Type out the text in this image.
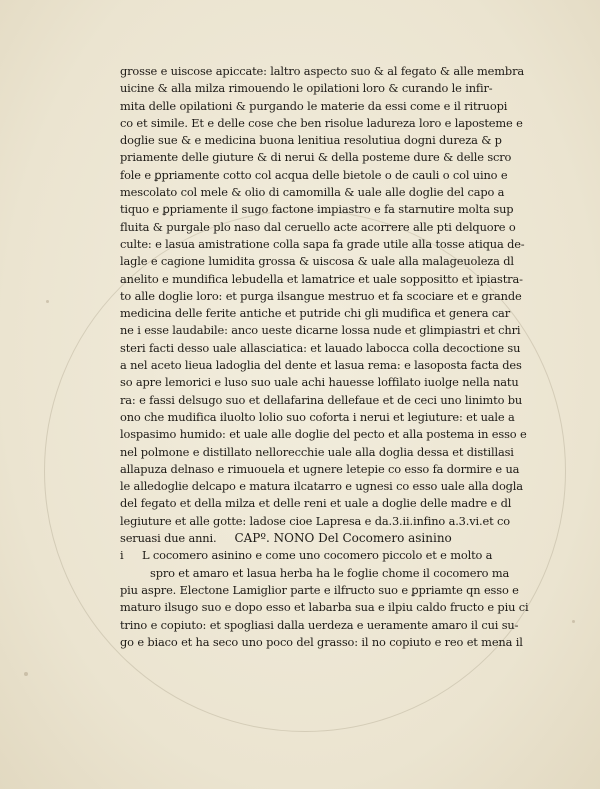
grosse e uiscose apiccate: laltro aspecto suo & al fegato & alle membra
uicine & alla milza rimouendo le opilationi loro & curando le infir-
mita delle opilationi & purgando le materie da essi come e il ritruopi
co et simile. Et e delle cose che ben risolue ladureza loro e laposteme e
doglie sue & e medicina buona lenitiua resolutiua dogni dureza & p
priamente delle giuture & di nerui & della posteme dure & delle scro
fole e ꝑpriamente cotto col acqua delle bietole o de cauli o col uino e
mescolato col mele & olio di camomilla & uale alle doglie del capo a
tiquo e ꝑpriamente il sugo factone impiastro e fa starnutire molta sup
fluita & purgale plo naso dal ceruello acte acorrere alle pti delquore o
culte: e lasua amistratione colla sapa fa grade utile alla tosse atiqua de-
lagle e cagione lumidita grossa & uiscosa & uale alla malageuoleza dl
anelito e mundifica lebudella et lamatrice et uale soppositto et ipiastra-
to alle doglie loro: et purga ilsangue mestruo et fa scociare et e grande
medicina delle ferite antiche et putride chi gli mudifica et genera car
ne i esse laudabile: anco ueste dicarne lossa nude et glimpiastri et chri
steri facti desso uale allasciatica: et lauado labocca colla decoctione su
a nel aceto lieua ladoglia del dente et lasua rema: e lasoposta facta des
so apre lemorici e luso suo uale achi hauesse loffilato iuolge nella natu
ra: e fassi delsugo suo et dellafarina dellefaue et de ceci uno linimto bu
ono che mudifica iluolto lolio suo coforta i nerui et legiuture: et uale a
lospasimo humido: et uale alle doglie del pecto et alla postema in esso e
nel polmone e distillato nellorecchie uale alla doglia dessa et distillasi
allapuza delnaso e rimuouela et ugnere letepie co esso fa dormire e ua
le alledoglie delcapo e matura ilcatarro e ugnesi co esso uale alla dogla
del fegato et della milza et delle reni et uale a doglie delle madre e dl
legiuture et alle gotte: ladose cioe Lapresa e da.3.ii.infino a.3.vi.et co
seruasi due anni. CAPº. NONO Del Cocomero asinino
i L cocomero asinino e come uno cocomero piccolo et e molto a
spro et amaro et lasua herba ha le foglie chome il cocomero ma
piu aspre. Electone Lamiglior parte e ilfructo suo e ꝑpriamte qn esso e
maturo ilsugo suo e dopo esso et labarba sua e ilpiu caldo fructo e piu ci
trino e copiuto: et spogliasi dalla uerdeza e ueramente amaro il cui su-
go e biaco et ha seco uno poco del grasso: il no copiuto e reo et mena il
